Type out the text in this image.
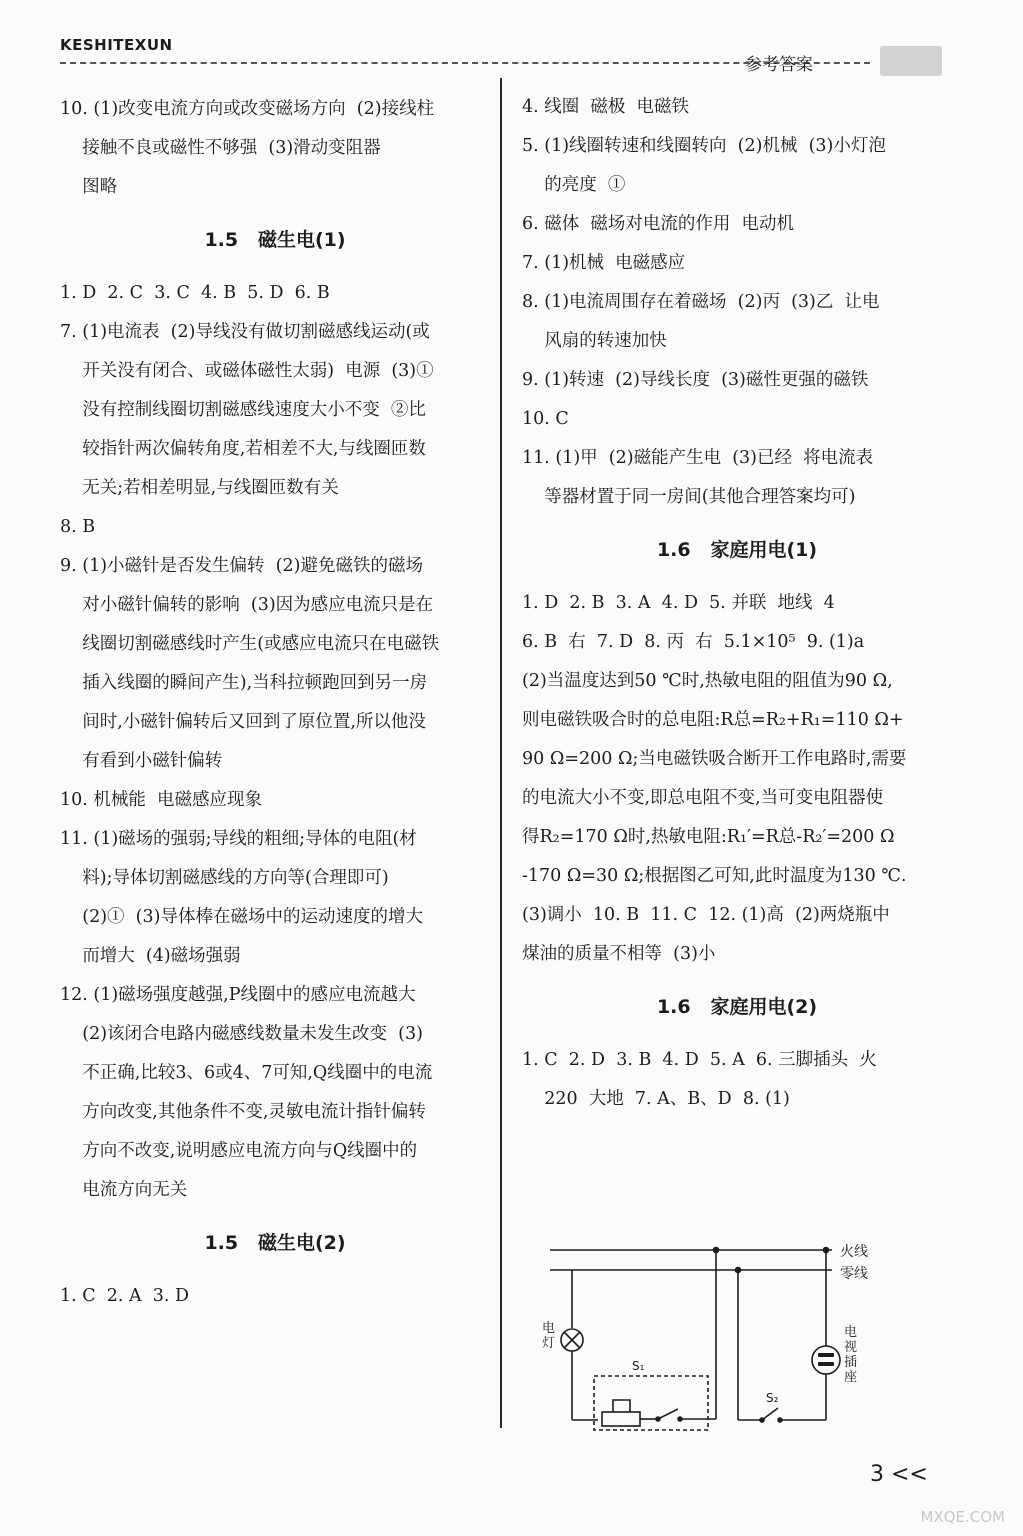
KESHITEXUN
参考答案
10. (1)改变电流方向或改变磁场方向  (2)接线柱
接触不良或磁性不够强  (3)滑动变阻器
图略
1.5   磁生电(1)
1. D  2. C  3. C  4. B  5. D  6. B
7. (1)电流表  (2)导线没有做切割磁感线运动(或
开关没有闭合、或磁体磁性太弱)  电源  (3)①
没有控制线圈切割磁感线速度大小不变  ②比
较指针两次偏转角度,若相差不大,与线圈匝数
无关;若相差明显,与线圈匝数有关
8. B
9. (1)小磁针是否发生偏转  (2)避免磁铁的磁场
对小磁针偏转的影响  (3)因为感应电流只是在
线圈切割磁感线时产生(或感应电流只在电磁铁
插入线圈的瞬间产生),当科拉顿跑回到另一房
间时,小磁针偏转后又回到了原位置,所以他没
有看到小磁针偏转
10. 机械能  电磁感应现象
11. (1)磁场的强弱;导线的粗细;导体的电阻(材
料);导体切割磁感线的方向等(合理即可)
(2)①  (3)导体棒在磁场中的运动速度的增大
而增大  (4)磁场强弱
12. (1)磁场强度越强,P线圈中的感应电流越大
(2)该闭合电路内磁感线数量未发生改变  (3)
不正确,比较3、6或4、7可知,Q线圈中的电流
方向改变,其他条件不变,灵敏电流计指针偏转
方向不改变,说明感应电流方向与Q线圈中的
电流方向无关
1.5   磁生电(2)
1. C  2. A  3. D
4. 线圈  磁极  电磁铁
5. (1)线圈转速和线圈转向  (2)机械  (3)小灯泡
的亮度  ①
6. 磁体  磁场对电流的作用  电动机
7. (1)机械  电磁感应
8. (1)电流周围存在着磁场  (2)丙  (3)乙  让电
风扇的转速加快
9. (1)转速  (2)导线长度  (3)磁性更强的磁铁
10. C
11. (1)甲  (2)磁能产生电  (3)已经  将电流表
等器材置于同一房间(其他合理答案均可)
1.6   家庭用电(1)
1. D  2. B  3. A  4. D  5. 并联  地线  4
6. B  右  7. D  8. 丙  右  5.1×10⁵  9. (1)a
(2)当温度达到50 ℃时,热敏电阻的阻值为90 Ω,
则电磁铁吸合时的总电阻:R总=R₂+R₁=110 Ω+
90 Ω=200 Ω;当电磁铁吸合断开工作电路时,需要
的电流大小不变,即总电阻不变,当可变电阻器使
得R₂=170 Ω时,热敏电阻:R₁′=R总-R₂′=200 Ω
-170 Ω=30 Ω;根据图乙可知,此时温度为130 ℃.
(3)调小  10. B  11. C  12. (1)高  (2)两烧瓶中
煤油的质量不相等  (3)小
1.6   家庭用电(2)
1. C  2. D  3. B  4. D  5. A  6. 三脚插头  火
220  大地  7. A、B、D  8. (1)
火线
零线
S₁
S₂
电
灯
电
视
插
座
3 <<
MXQE.COM
